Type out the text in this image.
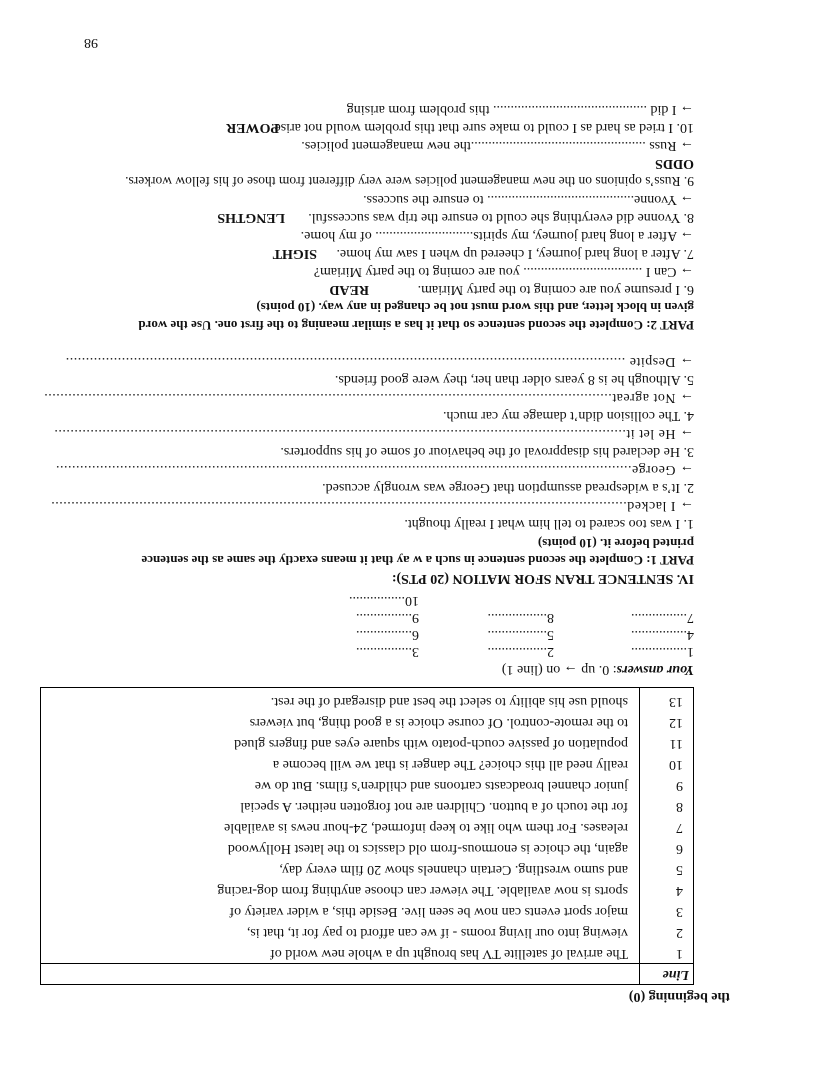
98
the beginning (0)
Line
1
The arrival of satellite TV has brought up a whole new world of
2
viewing into our living rooms - if we can afford to pay for it, that is,
3
major sport events can now be seen live. Beside this, a wider variety of
4
sports is now available. The viewer can choose anything from dog-racing
5
and sumo wrestling. Certain channels show 20 film every day,
6
again, the choice is enormous-from old classics to the latest Hollywood
7
releases. For them who like to keep informed, 24-hour news is available
8
for the touch of a button. Children are not forgotten neither. A special
9
junior channel broadcasts cartoons and children’s films. But do we
10
really need all this choice? The danger is that we will become a
11
population of passive couch-potato with square eyes and fingers glued
12
to the remote-control. Of course choice is a good thing, but viewers
13
should use his ability to select the best and disregard of the rest.
Your answers: 0. up → on (line 1)
1................
2.................
3................
4................
5.................
6................
7................
8.................
9................
10................
IV. SENTENCE TRAN SFOR MATION (20 PTS):
PART 1: Complete the second sentence in such a w ay that it means exactly the same as the sentence
printed before it. (10 points)
1. I was too scared to tell him what I really thought.
→ I lacked................................................................................................................................................
2. It’s a widespread assumption that George was wrongly accused.
→ George................................................................................................................................................
3. He declared his disapproval of the behaviour of some of his supporters.
→ He let it...............................................................................................................................................
4. The collision didn’t damage my car much.
→ Not agreat..............................................................................................................................................
5. Although he is 8 years older than her, they were good friends.
→ Despite ............................................................................................................................................
PART 2: Complete the second sentence so that it has a similar meaning to the first one. Use the word
given in block letter, and this word must not be changed in any way. (10 points)
6. I presume you are coming to the party Miriam.
READ
→ Can I .................................. you are coming to the party Miriam?
7. After a long hard journey, I cheered up when I saw my home.
SIGHT
→ After a long hard journey, my spirits............................ of my home.
8. Yvonne did everything she could to ensure the trip was successful.
LENGTHS
→ Yvonne.......................................... to ensure the success.
9. Russ’s opinions on the new management policies were very different from those of his fellow workers.
ODDS
→ Russ ..................................................the new management policies.
10. I tried as hard as I could to make sure that this problem would not arise.
POWER
→ I did ............................................ this problem from arising
